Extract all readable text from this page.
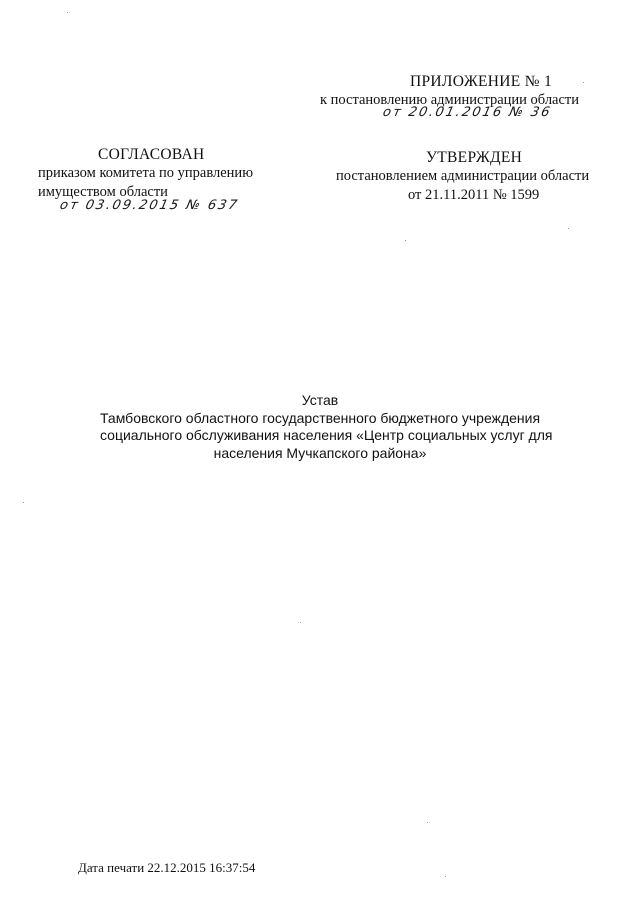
ПРИЛОЖЕНИЕ № 1
к постановлению администрации области
от 20.01.2016 № 36
СОГЛАСОВАН
приказом комитета по управлению
имуществом области
от 03.09.2015 № 637
УТВЕРЖДЕН
постановлением администрации области
от 21.11.2011 № 1599
Устав
Тамбовского областного государственного бюджетного учреждения
социального обслуживания населения «Центр социальных услуг для
населения Мучкапского района»
Дата печати 22.12.2015 16:37:54
